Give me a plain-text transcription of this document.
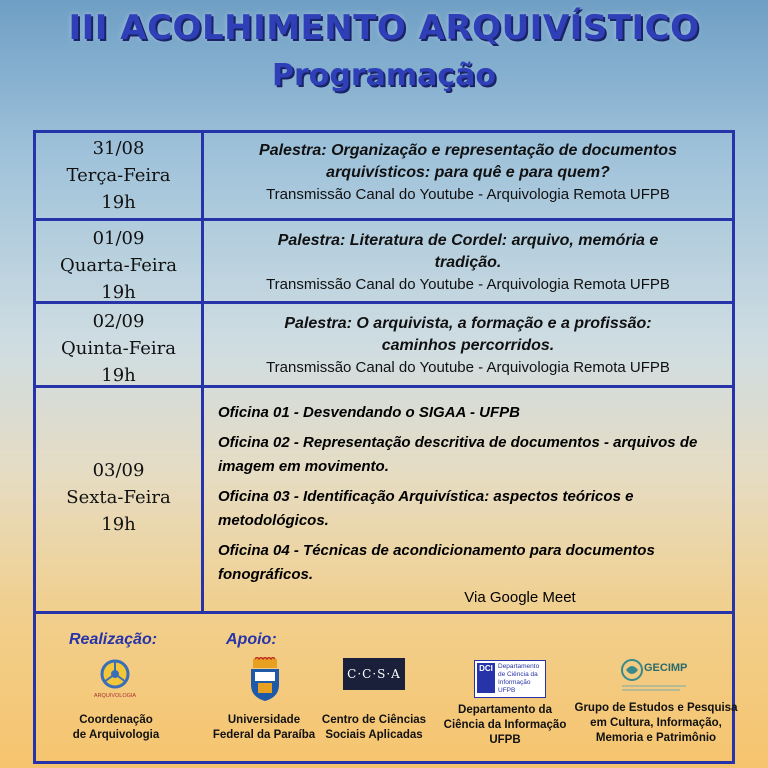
III ACOLHIMENTO ARQUIVÍSTICO
Programação
31/08
Terça-Feira
19h
Palestra: Organização e representação de documentos
arquivísticos: para quê e para quem?
Transmissão Canal do Youtube - Arquivologia Remota UFPB
01/09
Quarta-Feira
19h
Palestra: Literatura de Cordel: arquivo, memória e
tradição.
Transmissão Canal do Youtube - Arquivologia Remota UFPB
02/09
Quinta-Feira
19h
Palestra: O arquivista, a formação e a profissão:
caminhos percorridos.
Transmissão Canal do Youtube - Arquivologia Remota UFPB
03/09
Sexta-Feira
19h
Oficina 01 - Desvendando o SIGAA - UFPB
Oficina 02 - Representação descritiva de documentos - arquivos de
imagem em movimento.
Oficina 03 - Identificação Arquivística: aspectos teóricos e
metodológicos.
Oficina 04 - Técnicas de acondicionamento para documentos
fonográficos.
Via Google Meet
Realização:	Apoio:
ARQUIVOLOGIA
Coordenação
de Arquivologia
Universidade
Federal da Paraíba
C·C·S·A
Centro de Ciências
Sociais Aplicadas
DCI Departamento
de Ciência da
Informação
UFPB
Departamento da
Ciência da Informação
UFPB
GECIMP
Grupo de Estudos e Pesquisa
em Cultura, Informação,
Memoria e Patrimônio
